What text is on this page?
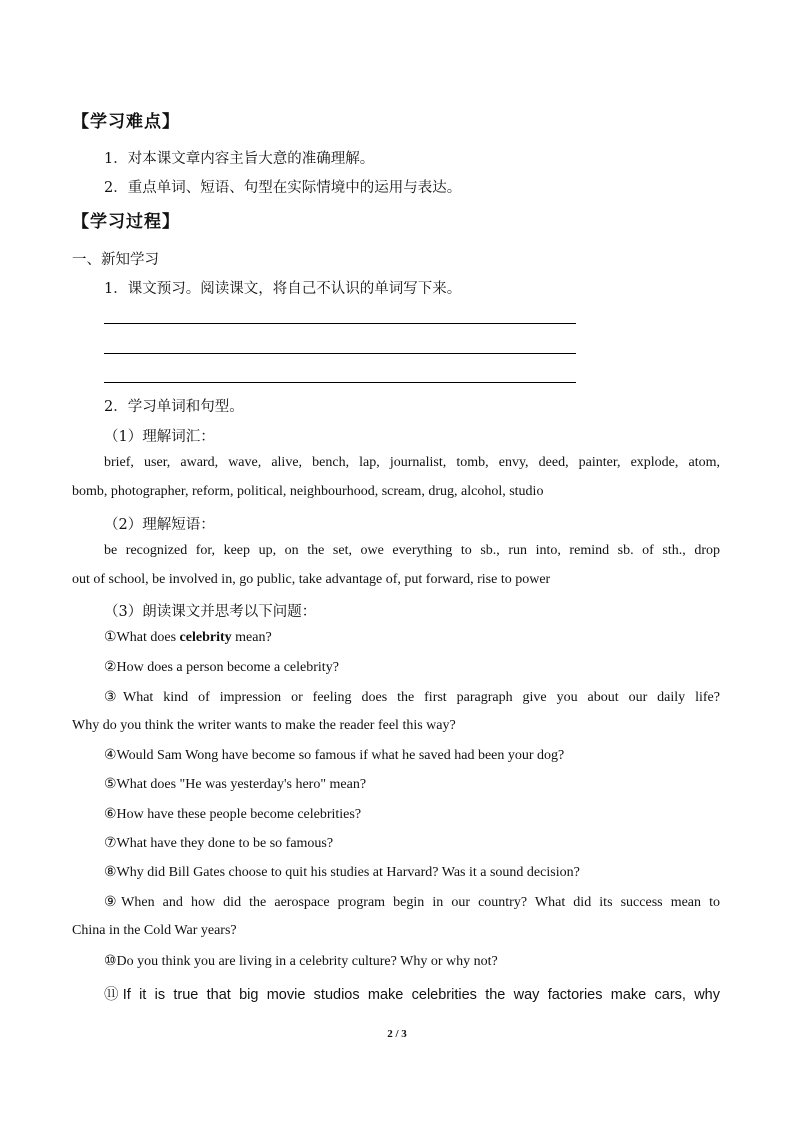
【学习难点】
1．对本课文章内容主旨大意的准确理解。
2．重点单词、短语、句型在实际情境中的运用与表达。
【学习过程】
一、新知学习
1．课文预习。阅读课文，将自己不认识的单词写下来。
2．学习单词和句型。
（1）理解词汇：
brief, user, award, wave, alive, bench, lap, journalist, tomb, envy, deed, painter, explode, atom,
bomb, photographer, reform, political, neighbourhood, scream, drug, alcohol, studio
（2）理解短语：
be recognized for, keep up, on the set, owe everything to sb., run into, remind sb. of sth., drop
out of school, be involved in, go public, take advantage of, put forward, rise to power
（3）朗读课文并思考以下问题：
①What does celebrity mean?
②How does a person become a celebrity?
③What kind of impression or feeling does the first paragraph give you about our daily life?
Why do you think the writer wants to make the reader feel this way?
④Would Sam Wong have become so famous if what he saved had been your dog?
⑤What does "He was yesterday's hero" mean?
⑥How have these people become celebrities?
⑦What have they done to be so famous?
⑧Why did Bill Gates choose to quit his studies at Harvard? Was it a sound decision?
⑨When and how did the aerospace program begin in our country? What did its success mean to
China in the Cold War years?
⑩Do you think you are living in a celebrity culture? Why or why not?
⑪If it is true that big movie studios make celebrities the way factories make cars, why
2 / 3
